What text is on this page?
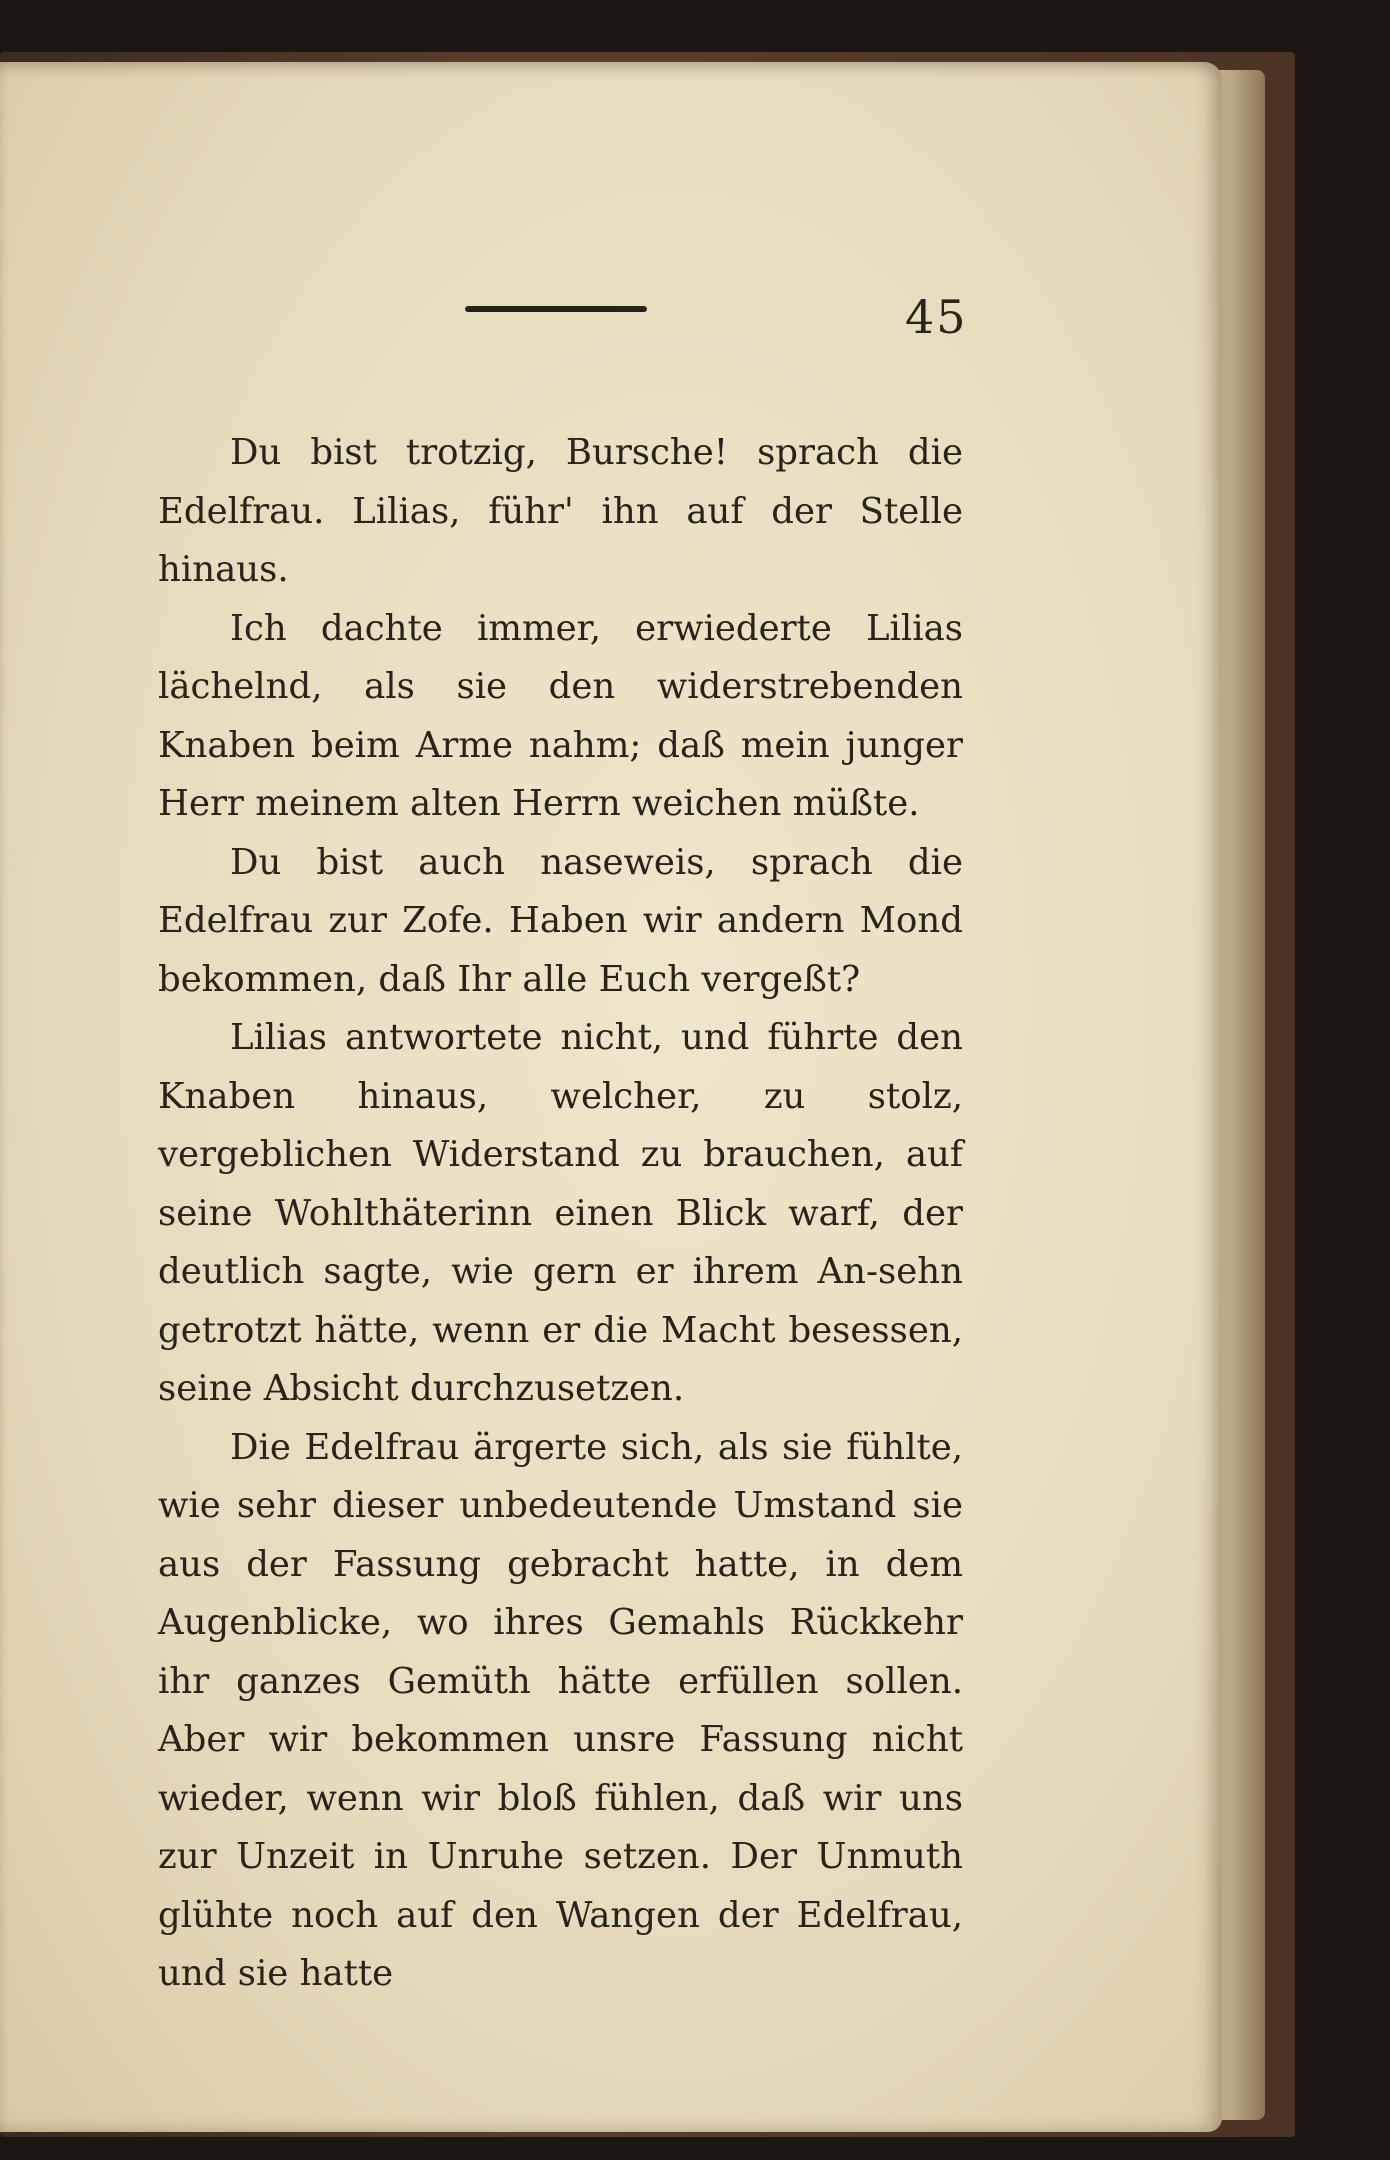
45

Du bist trotzig, Bursche! sprach die Edelfrau. Lilias, führ' ihn auf der Stelle hinaus.

Ich dachte immer, erwiederte Lilias lächelnd, als sie den widerstrebenden Knaben beim Arme nahm; daß mein junger Herr meinem alten Herrn weichen müßte.

Du bist auch naseweis, sprach die Edelfrau zur Zofe. Haben wir andern Mond bekommen, daß Ihr alle Euch vergeßt?

Lilias antwortete nicht, und führte den Knaben hinaus, welcher, zu stolz, vergeblichen Widerstand zu brauchen, auf seine Wohlthäterinn einen Blick warf, der deutlich sagte, wie gern er ihrem An-sehn getrotzt hätte, wenn er die Macht besessen, seine Absicht durchzusetzen.

Die Edelfrau ärgerte sich, als sie fühlte, wie sehr dieser unbedeutende Umstand sie aus der Fassung gebracht hatte, in dem Augenblicke, wo ihres Gemahls Rückkehr ihr ganzes Gemüth hätte erfüllen sollen. Aber wir bekommen unsre Fassung nicht wieder, wenn wir bloß fühlen, daß wir uns zur Unzeit in Unruhe setzen. Der Unmuth glühte noch auf den Wangen der Edelfrau, und sie hatte
